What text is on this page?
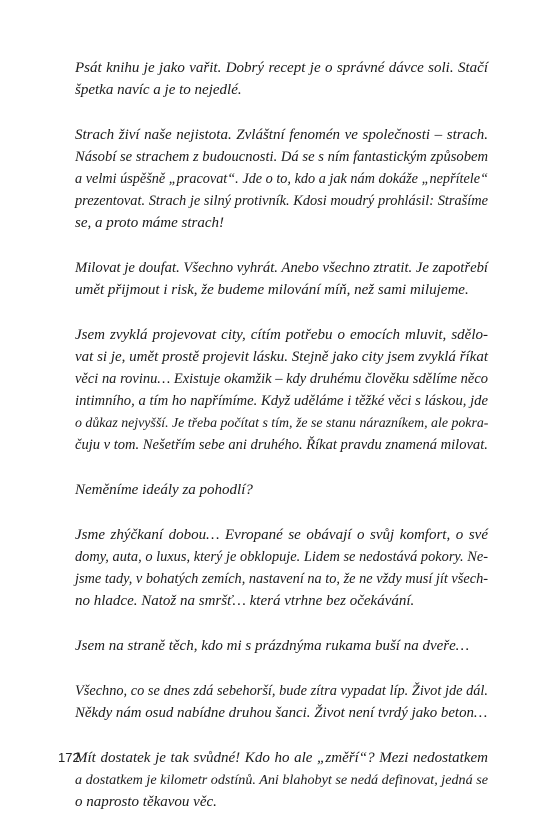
Psát knihu je jako vařit. Dobrý recept je o správné dávce soli. Stačí
špetka navíc a je to nejedlé.

Strach živí naše nejistota. Zvláštní fenomén ve společnosti – strach.
Násobí se strachem z budoucnosti. Dá se s ním fantastickým způsobem
a velmi úspěšně „pracovat“. Jde o to, kdo a jak nám dokáže „nepřítele“
prezentovat. Strach je silný protivník. Kdosi moudrý prohlásil: Strašíme
se, a proto máme strach!

Milovat je doufat. Všechno vyhrát. Anebo všechno ztratit. Je zapotřebí
umět přijmout i risk, že budeme milování míň, než sami milujeme.

Jsem zvyklá projevovat city, cítím potřebu o emocích mluvit, sdělo-
vat si je, umět prostě projevit lásku. Stejně jako city jsem zvyklá říkat
věci na rovinu… Existuje okamžik – kdy druhému člověku sdělíme něco
intimního, a tím ho napřímíme. Když uděláme i těžké věci s láskou, jde
o důkaz nejvyšší. Je třeba počítat s tím, že se stanu nárazníkem, ale pokra-
čuju v tom. Nešetřím sebe ani druhého. Říkat pravdu znamená milovat.

Neměníme ideály za pohodlí?

Jsme zhýčkaní dobou… Evropané se obávají o svůj komfort, o své
domy, auta, o luxus, který je obklopuje. Lidem se nedostává pokory. Ne-
jsme tady, v bohatých zemích, nastavení na to, že ne vždy musí jít všech-
no hladce. Natož na smršť… která vtrhne bez očekávání.

Jsem na straně těch, kdo mi s prázdnýma rukama buší na dveře…

Všechno, co se dnes zdá sebehorší, bude zítra vypadat líp. Život jde dál.
Někdy nám osud nabídne druhou šanci. Život není tvrdý jako beton…

Mít dostatek je tak svůdné! Kdo ho ale „změří“? Mezi nedostatkem
a dostatkem je kilometr odstínů. Ani blahobyt se nedá definovat, jedná se
o naprosto těkavou věc.

172
